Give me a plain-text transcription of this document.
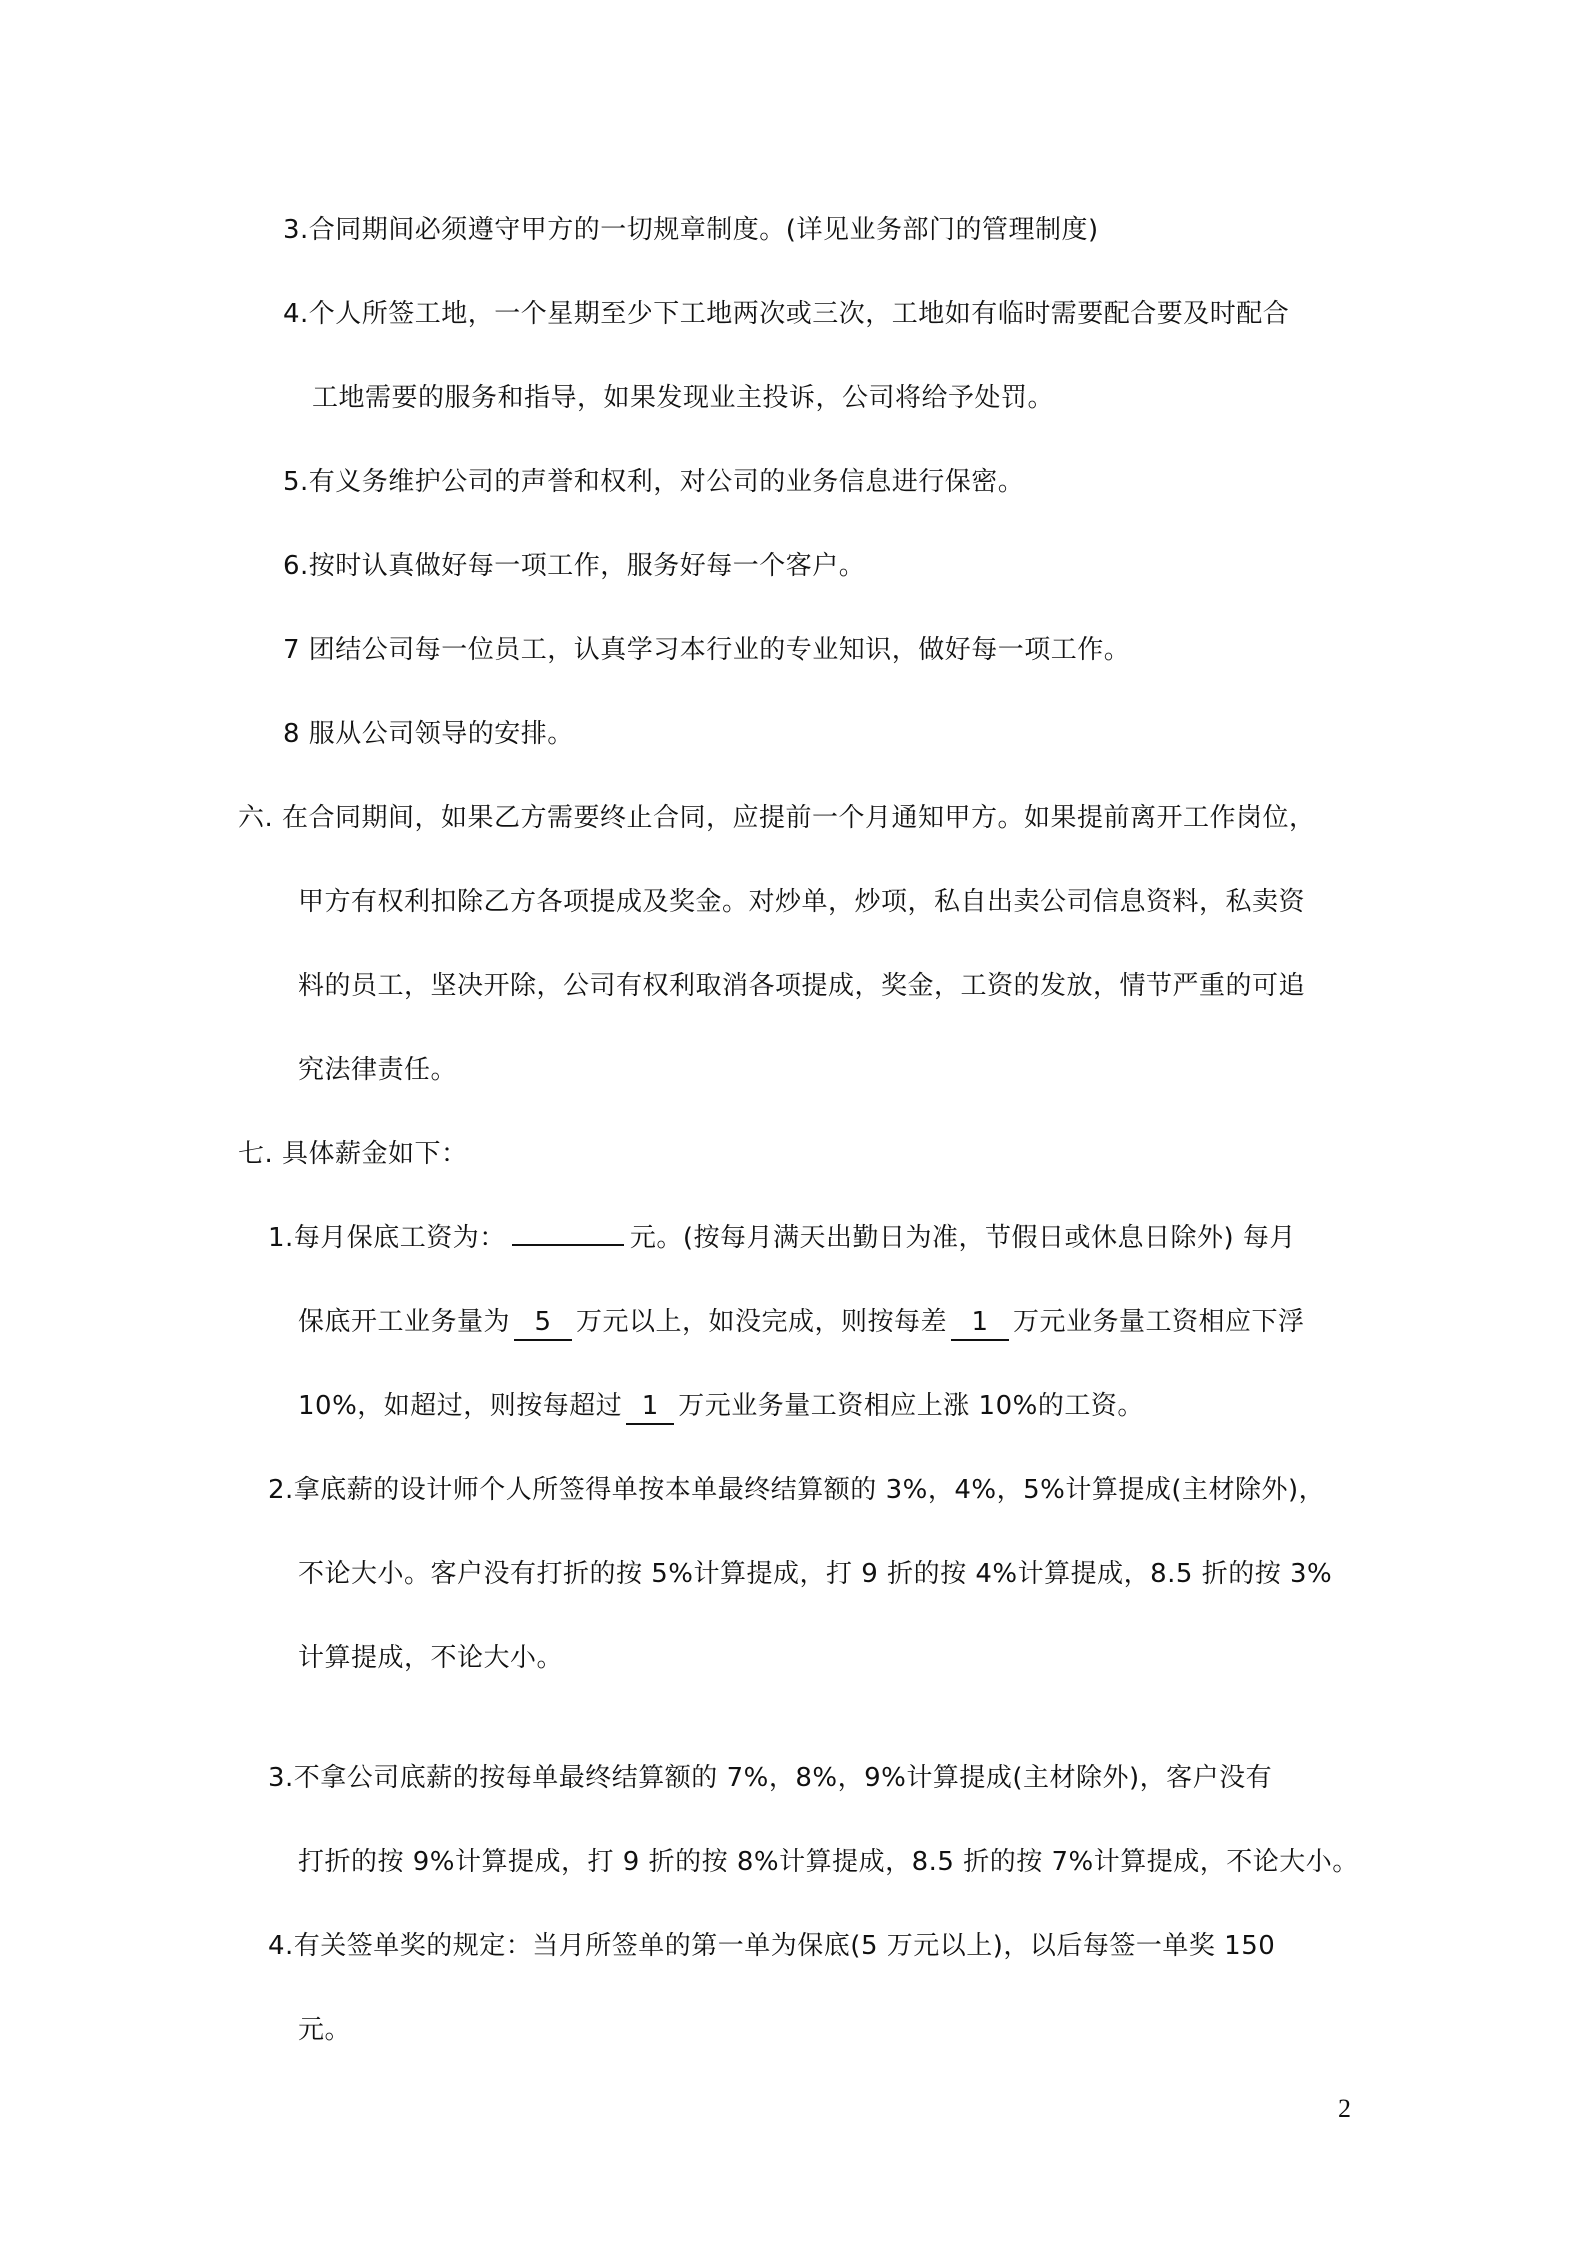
3.合同期间必须遵守甲方的一切规章制度。(详见业务部门的管理制度)
4.个人所签工地，一个星期至少下工地两次或三次，工地如有临时需要配合要及时配合
工地需要的服务和指导，如果发现业主投诉，公司将给予处罚。
5.有义务维护公司的声誉和权利，对公司的业务信息进行保密。
6.按时认真做好每一项工作，服务好每一个客户。
7 团结公司每一位员工，认真学习本行业的专业知识，做好每一项工作。
8 服从公司领导的安排。
六. 在合同期间，如果乙方需要终止合同，应提前一个月通知甲方。如果提前离开工作岗位，
甲方有权利扣除乙方各项提成及奖金。对炒单，炒项，私自出卖公司信息资料，私卖资
料的员工，坚决开除，公司有权利取消各项提成，奖金，工资的发放，情节严重的可追
究法律责任。
七. 具体薪金如下：
1.每月保底工资为：	元。(按每月满天出勤日为准，节假日或休息日除外) 每月
保底开工业务量为 5 万元以上，如没完成，则按每差 1 万元业务量工资相应下浮
10%，如超过，则按每超过 1 万元业务量工资相应上涨 10%的工资。
2.拿底薪的设计师个人所签得单按本单最终结算额的 3%，4%，5%计算提成(主材除外)，
不论大小。客户没有打折的按 5%计算提成，打 9 折的按 4%计算提成，8.5 折的按 3%
计算提成，不论大小。
3.不拿公司底薪的按每单最终结算额的 7%，8%，9%计算提成(主材除外)，客户没有
打折的按 9%计算提成，打 9 折的按 8%计算提成，8.5 折的按 7%计算提成，不论大小。
4.有关签单奖的规定：当月所签单的第一单为保底(5 万元以上)，以后每签一单奖 150
元。
2
